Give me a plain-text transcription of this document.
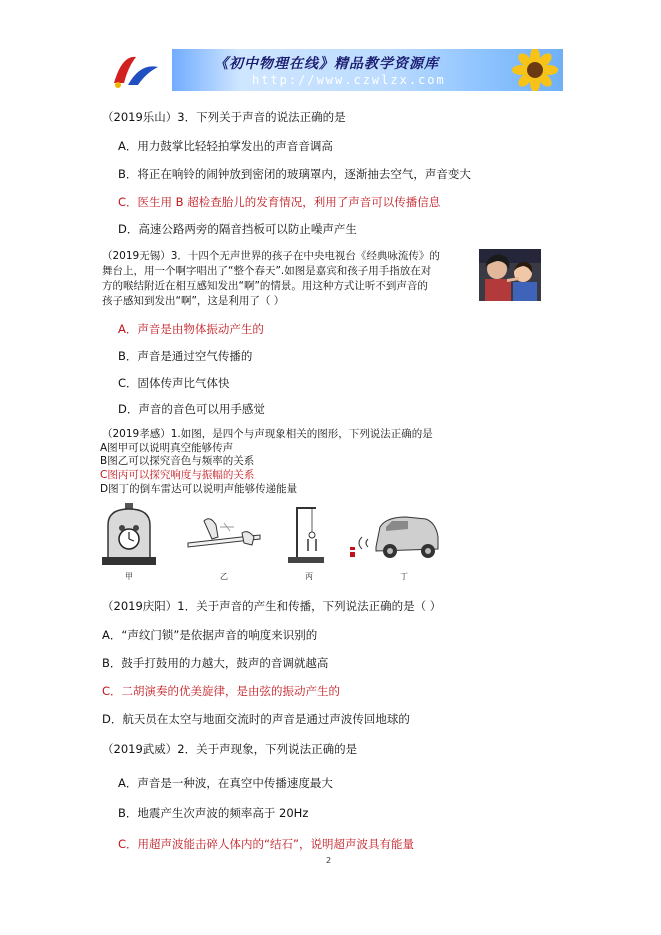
《初中物理在线》精品教学资源库
http://www.czwlzx.com
（2019乐山）3．下列关于声音的说法正确的是
A．用力鼓掌比轻轻拍掌发出的声音音调高
B．将正在响铃的闹钟放到密闭的玻璃罩内，逐渐抽去空气，声音变大
C．医生用 B 超检查胎儿的发育情况，利用了声音可以传播信息
D．高速公路两旁的隔音挡板可以防止噪声产生
（2019无锡）3．十四个无声世界的孩子在中央电视台《经典咏流传》的
舞台上，用一个啊字唱出了“整个春天”.如图是嘉宾和孩子用手指放在对
方的喉结附近在相互感知发出“啊”的情景。用这种方式让听不到声音的
孩子感知到发出“啊”，这是利用了（ ）
A．声音是由物体振动产生的
B．声音是通过空气传播的
C．固体传声比气体快
D．声音的音色可以用手感觉
（2019孝感）1.如图，是四个与声现象相关的图形，下列说法正确的是
A图甲可以说明真空能够传声
B图乙可以探究音色与频率的关系
C图丙可以探究响度与振幅的关系
D图丁的倒车雷达可以说明声能够传递能量
甲	乙	丙	丁
（2019庆阳）1．关于声音的产生和传播，下列说法正确的是（ ）
A．“声纹门锁”是依据声音的响度来识别的
B．鼓手打鼓用的力越大，鼓声的音调就越高
C．二胡演奏的优美旋律，是由弦的振动产生的
D．航天员在太空与地面交流时的声音是通过声波传回地球的
（2019武威）2．关于声现象，下列说法正确的是
A．声音是一种波，在真空中传播速度最大
B．地震产生次声波的频率高于 20Hz
C．用超声波能击碎人体内的“结石”，说明超声波具有能量
2
